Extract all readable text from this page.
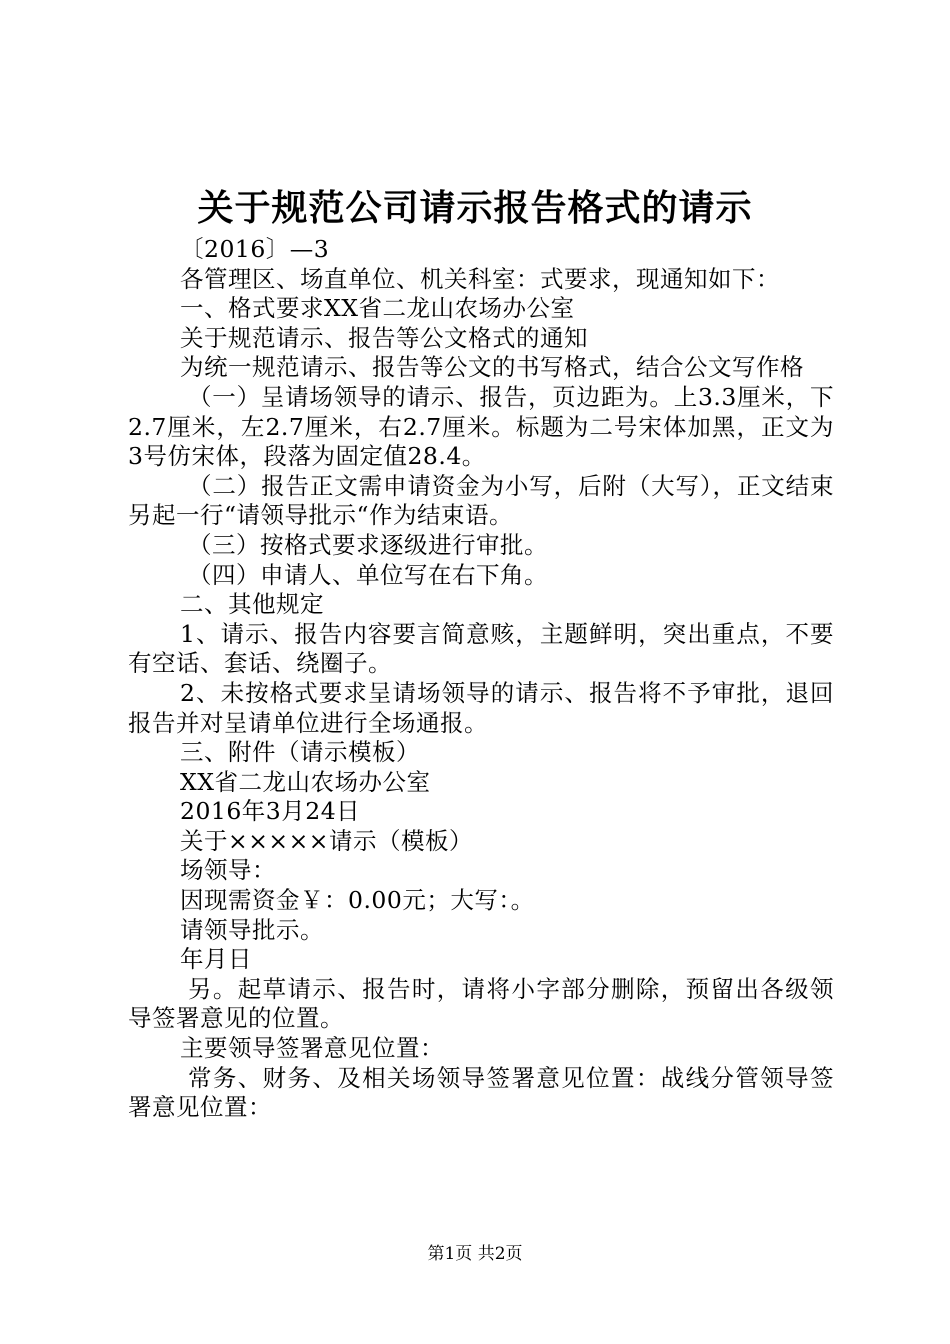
关于规范公司请示报告格式的请示

〔2016〕—3

各管理区、场直单位、机关科室：式要求，现通知如下：

一、格式要求XX省二龙山农场办公室

关于规范请示、报告等公文格式的通知

为统一规范请示、报告等公文的书写格式，结合公文写作格

（一）呈请场领导的请示、报告，页边距为。上3.3厘米，下2.7厘米，左2.7厘米，右2.7厘米。标题为二号宋体加黑，正文为3号仿宋体，段落为固定值28.4。

（二）报告正文需申请资金为小写，后附（大写），正文结束另起一行“请领导批示“作为结束语。

（三）按格式要求逐级进行审批。

（四）申请人、单位写在右下角。

二、其他规定

1、请示、报告内容要言简意赅，主题鲜明，突出重点，不要有空话、套话、绕圈子。

2、未按格式要求呈请场领导的请示、报告将不予审批，退回报告并对呈请单位进行全场通报。

三、附件（请示模板）

XX省二龙山农场办公室

2016年3月24日

关于×××××请示（模板）

场领导：

因现需资金￥：0.00元；大写：。

请领导批示。

年月日

另。起草请示、报告时，请将小字部分删除，预留出各级领导签署意见的位置。

主要领导签署意见位置：

常务、财务、及相关场领导签署意见位置：战线分管领导签署意见位置：

第1页 共2页
